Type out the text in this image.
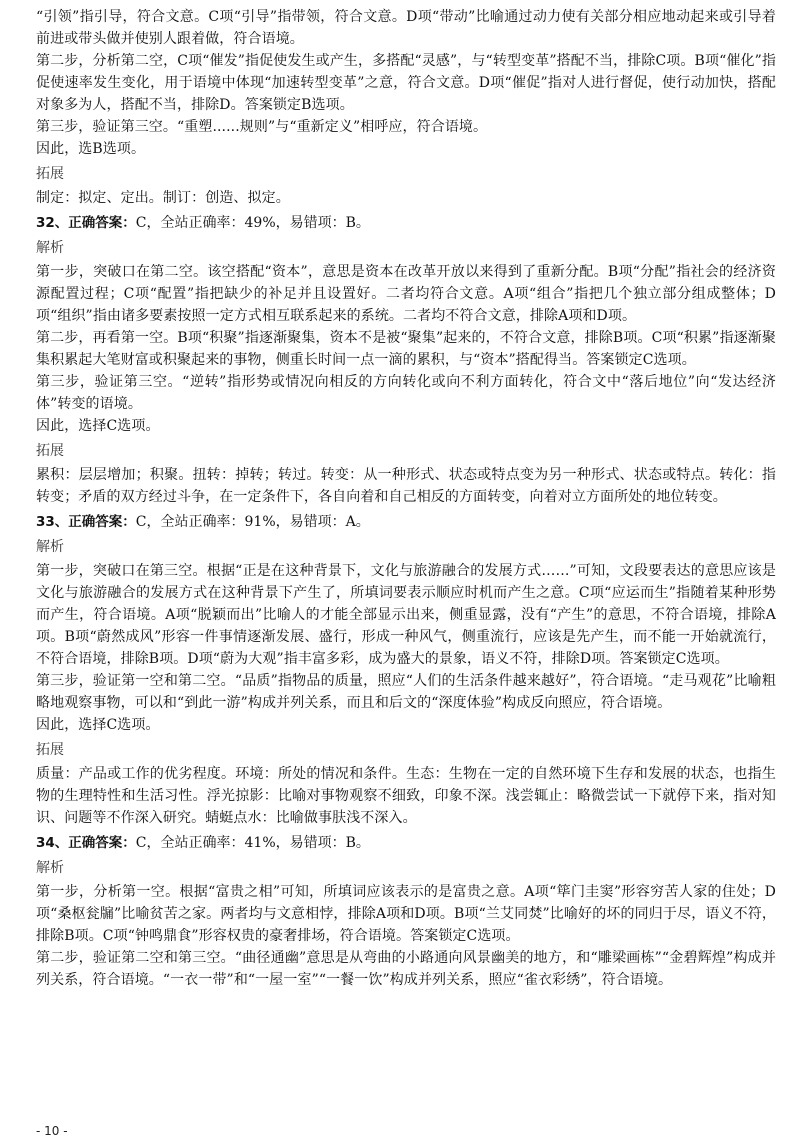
“引领”指引导，符合文意。C项“引导”指带领，符合文意。D项“带动”比喻通过动力使有关部分相应地动起来或引导着前进或带头做并使别人跟着做，符合语境。

第二步，分析第二空，C项“催发”指促使发生或产生，多搭配“灵感”，与“转型变革”搭配不当，排除C项。B项“催化”指促使速率发生变化，用于语境中体现“加速转型变革”之意，符合文意。D项“催促”指对人进行督促，使行动加快，搭配对象多为人，搭配不当，排除D。答案锁定B选项。

第三步，验证第三空。“重塑......规则”与“重新定义”相呼应，符合语境。

因此，选B选项。

拓展

制定：拟定、定出。制订：创造、拟定。

32、正确答案：C，全站正确率：49%，易错项：B。
解析

第一步，突破口在第二空。该空搭配“资本”，意思是资本在改革开放以来得到了重新分配。B项“分配”指社会的经济资源配置过程；C项“配置”指把缺少的补足并且设置好。二者均符合文意。A项“组合”指把几个独立部分组成整体；D项“组织”指由诸多要素按照一定方式相互联系起来的系统。二者均不符合文意，排除A项和D项。

第二步，再看第一空。B项“积聚”指逐渐聚集，资本不是被“聚集”起来的，不符合文意，排除B项。C项“积累”指逐渐聚集积累起大笔财富或积聚起来的事物，侧重长时间一点一滴的累积，与“资本”搭配得当。答案锁定C选项。

第三步，验证第三空。“逆转”指形势或情况向相反的方向转化或向不利方面转化，符合文中“落后地位”向“发达经济体”转变的语境。

因此，选择C选项。

拓展

累积：层层增加；积聚。扭转：掉转；转过。转变：从一种形式、状态或特点变为另一种形式、状态或特点。转化：指转变；矛盾的双方经过斗争，在一定条件下，各自向着和自己相反的方面转变，向着对立方面所处的地位转变。

33、正确答案：C，全站正确率：91%，易错项：A。
解析

第一步，突破口在第三空。根据“正是在这种背景下，文化与旅游融合的发展方式……”可知，文段要表达的意思应该是文化与旅游融合的发展方式在这种背景下产生了，所填词要表示顺应时机而产生之意。C项“应运而生”指随着某种形势而产生，符合语境。A项“脱颖而出”比喻人的才能全部显示出来，侧重显露，没有“产生”的意思，不符合语境，排除A项。B项“蔚然成风”形容一件事情逐渐发展、盛行，形成一种风气，侧重流行，应该是先产生，而不能一开始就流行，不符合语境，排除B项。D项“蔚为大观”指丰富多彩，成为盛大的景象，语义不符，排除D项。答案锁定C选项。

第三步，验证第一空和第二空。“品质”指物品的质量，照应“人们的生活条件越来越好”，符合语境。“走马观花”比喻粗略地观察事物，可以和“到此一游”构成并列关系，而且和后文的“深度体验”构成反向照应，符合语境。

因此，选择C选项。

拓展

质量：产品或工作的优劣程度。环境：所处的情况和条件。生态：生物在一定的自然环境下生存和发展的状态，也指生物的生理特性和生活习性。浮光掠影：比喻对事物观察不细致，印象不深。浅尝辄止：略微尝试一下就停下来，指对知识、问题等不作深入研究。蜻蜓点水：比喻做事肤浅不深入。

34、正确答案：C，全站正确率：41%，易错项：B。
解析

第一步，分析第一空。根据“富贵之相”可知，所填词应该表示的是富贵之意。A项“筚门圭窦”形容穷苦人家的住处；D项“桑枢瓮牖”比喻贫苦之家。两者均与文意相悖，排除A项和D项。B项“兰艾同焚”比喻好的坏的同归于尽，语义不符，排除B项。C项“钟鸣鼎食”形容权贵的豪奢排场，符合语境。答案锁定C选项。

第二步，验证第二空和第三空。“曲径通幽”意思是从弯曲的小路通向风景幽美的地方，和“雕梁画栋”“金碧辉煌”构成并列关系，符合语境。“一衣一带”和“一屋一室”“一餐一饮”构成并列关系，照应“雀衣彩绣”，符合语境。

- 10 -
